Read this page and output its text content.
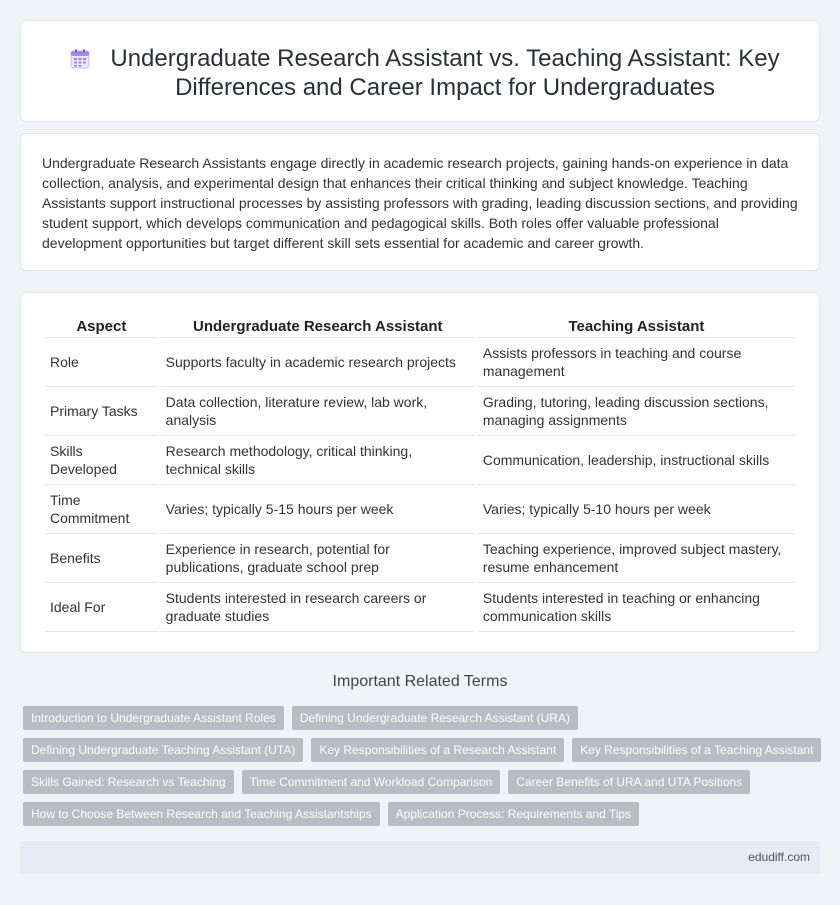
Undergraduate Research Assistant vs. Teaching Assistant: Key Differences and Career Impact for Undergraduates

Undergraduate Research Assistants engage directly in academic research projects, gaining hands-on experience in data collection, analysis, and experimental design that enhances their critical thinking and subject knowledge. Teaching Assistants support instructional processes by assisting professors with grading, leading discussion sections, and providing student support, which develops communication and pedagogical skills. Both roles offer valuable professional development opportunities but target different skill sets essential for academic and career growth.

Aspect	Undergraduate Research Assistant	Teaching Assistant
Role	Supports faculty in academic research projects	Assists professors in teaching and course management
Primary Tasks	Data collection, literature review, lab work, analysis	Grading, tutoring, leading discussion sections, managing assignments
Skills Developed	Research methodology, critical thinking, technical skills	Communication, leadership, instructional skills
Time Commitment	Varies; typically 5-15 hours per week	Varies; typically 5-10 hours per week
Benefits	Experience in research, potential for publications, graduate school prep	Teaching experience, improved subject mastery, resume enhancement
Ideal For	Students interested in research careers or graduate studies	Students interested in teaching or enhancing communication skills
Important Related Terms
Introduction to Undergraduate Assistant Roles	Defining Undergraduate Research Assistant (URA)
Defining Undergraduate Teaching Assistant (UTA)	Key Responsibilities of a Research Assistant	Key Responsibilities of a Teaching Assistant
Skills Gained: Research vs Teaching	Time Commitment and Workload Comparison	Career Benefits of URA and UTA Positions
How to Choose Between Research and Teaching Assistantships	Application Process: Requirements and Tips
edudiff.com
